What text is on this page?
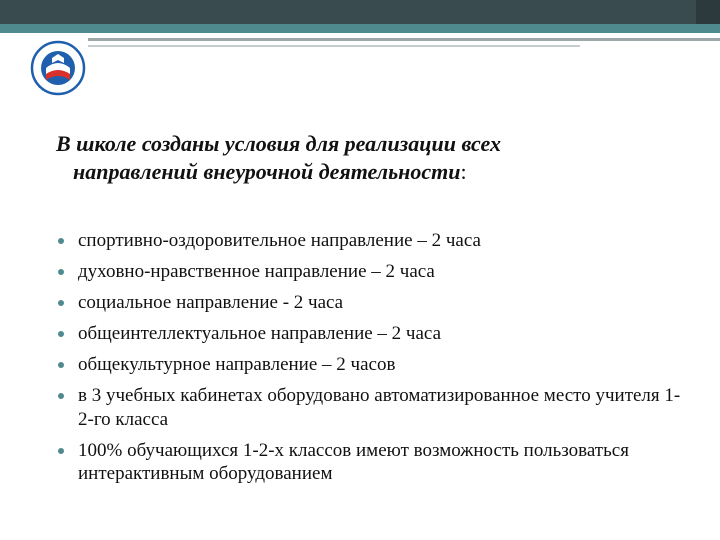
В школе созданы условия для реализации всех
направлений внеурочной деятельности:
спортивно-оздоровительное направление – 2 часа
духовно-нравственное направление – 2 часа
социальное направление - 2 часа
общеинтеллектуальное направление – 2 часа
общекультурное направление – 2 часов
в 3 учебных кабинетах оборудовано автоматизированное место учителя 1-2-го класса
100% обучающихся 1-2-х классов имеют возможность пользоваться интерактивным оборудованием
